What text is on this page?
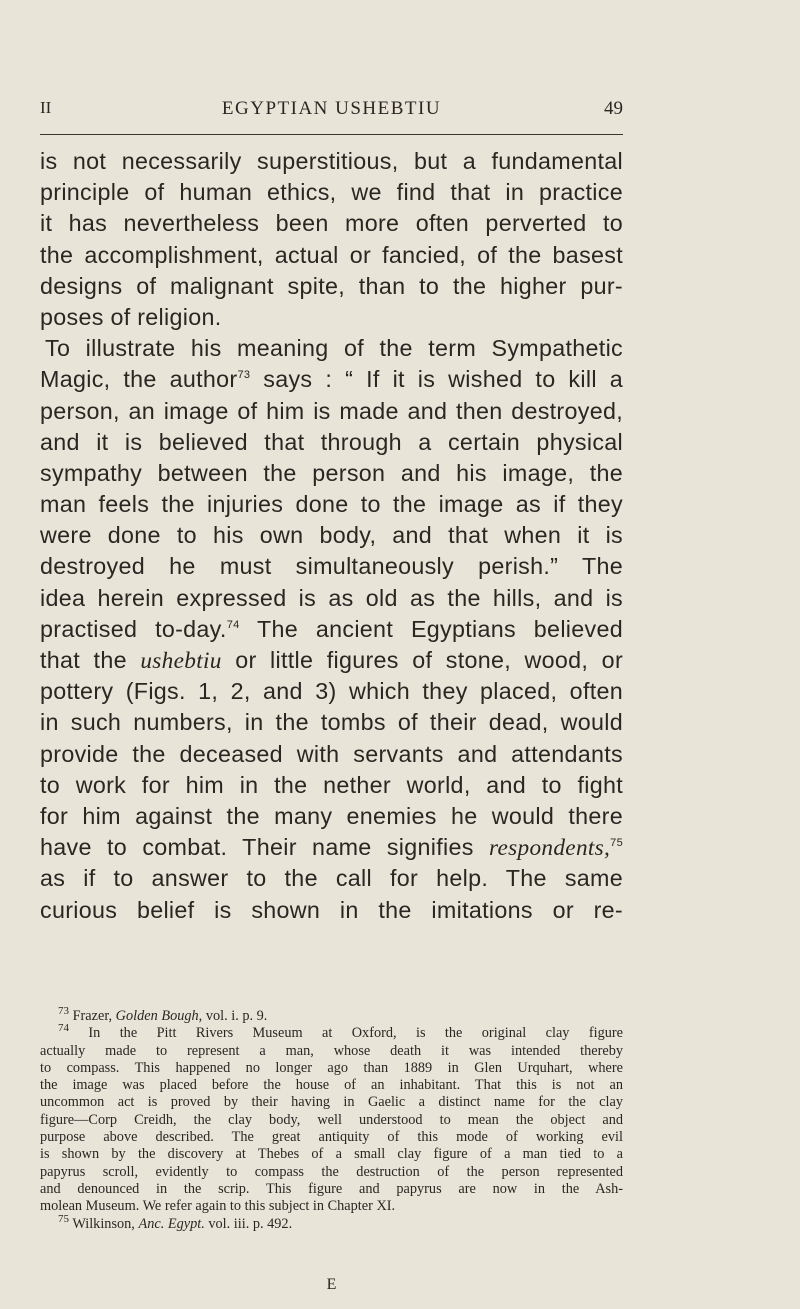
II	EGYPTIAN USHEBTIU	49
is not necessarily superstitious, but a fundamental
principle of human ethics, we find that in practice
it has nevertheless been more often perverted to
the accomplishment, actual or fancied, of the basest
designs of malignant spite, than to the higher pur-
poses of religion.
To illustrate his meaning of the term Sympathetic
Magic, the author$^{73}$ says : “ If it is wished to kill a
person, an image of him is made and then destroyed,
and it is believed that through a certain physical
sympathy between the person and his image, the
man feels the injuries done to the image as if they
were done to his own body, and that when it is
destroyed he must simultaneously perish.” The
idea herein expressed is as old as the hills, and is
practised to-day.$^{74}$ The ancient Egyptians believed
that the ushebtiu or little figures of stone, wood, or
pottery (Figs. 1, 2, and 3) which they placed, often
in such numbers, in the tombs of their dead, would
provide the deceased with servants and attendants
to work for him in the nether world, and to fight
for him against the many enemies he would there
have to combat. Their name signifies respondents,$^{75}$
as if to answer to the call for help. The same
curious belief is shown in the imitations or re-
$^{73}$ Frazer, Golden Bough, vol. i. p. 9.
$^{74}$ In the Pitt Rivers Museum at Oxford, is the original clay figure
actually made to represent a man, whose death it was intended thereby
to compass. This happened no longer ago than 1889 in Glen Urquhart, where
the image was placed before the house of an inhabitant. That this is not an
uncommon act is proved by their having in Gaelic a distinct name for the clay
figure—Corp Creidh, the clay body, well understood to mean the object and
purpose above described. The great antiquity of this mode of working evil
is shown by the discovery at Thebes of a small clay figure of a man tied to a
papyrus scroll, evidently to compass the destruction of the person represented
and denounced in the scrip. This figure and papyrus are now in the Ash-
molean Museum. We refer again to this subject in Chapter XI.
$^{75}$ Wilkinson, Anc. Egypt. vol. iii. p. 492.
E
